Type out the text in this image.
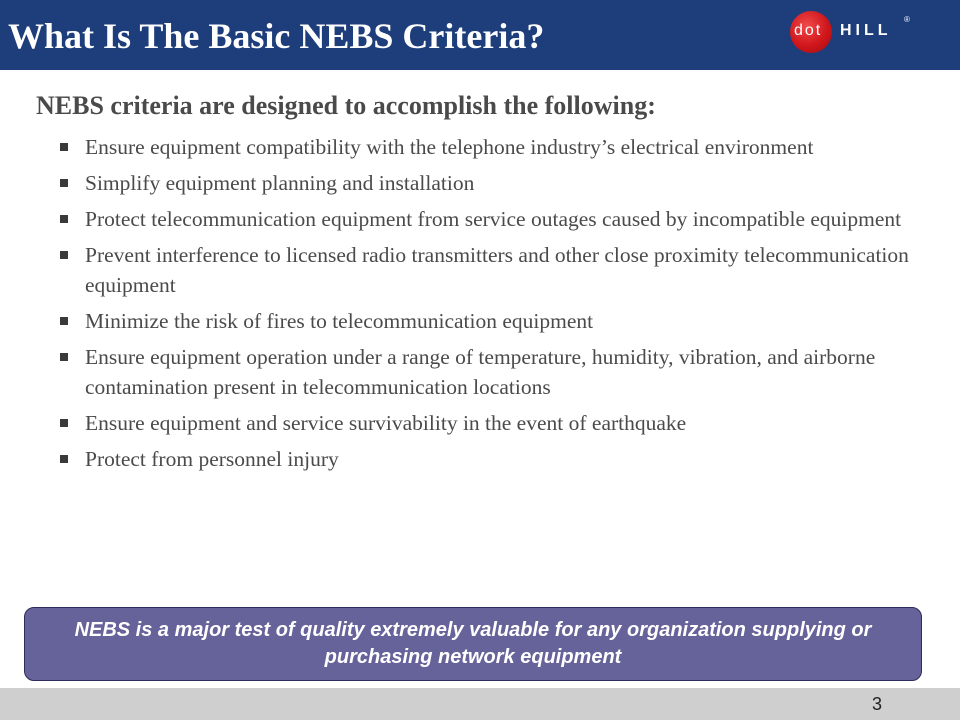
What Is The Basic NEBS Criteria?	dot HILL
®
NEBS criteria are designed to accomplish the following:
Ensure equipment compatibility with the telephone industry’s electrical environment
Simplify equipment planning and installation
Protect telecommunication equipment from service outages caused by incompatible equipment
Prevent interference to licensed radio transmitters and other close proximity telecommunication equipment
Minimize the risk of fires to telecommunication equipment
Ensure equipment operation under a range of temperature, humidity, vibration, and airborne contamination present in telecommunication locations
Ensure equipment and service survivability in the event of earthquake
Protect from personnel injury
NEBS is a major test of quality extremely valuable for any organization supplying or purchasing network equipment
3
